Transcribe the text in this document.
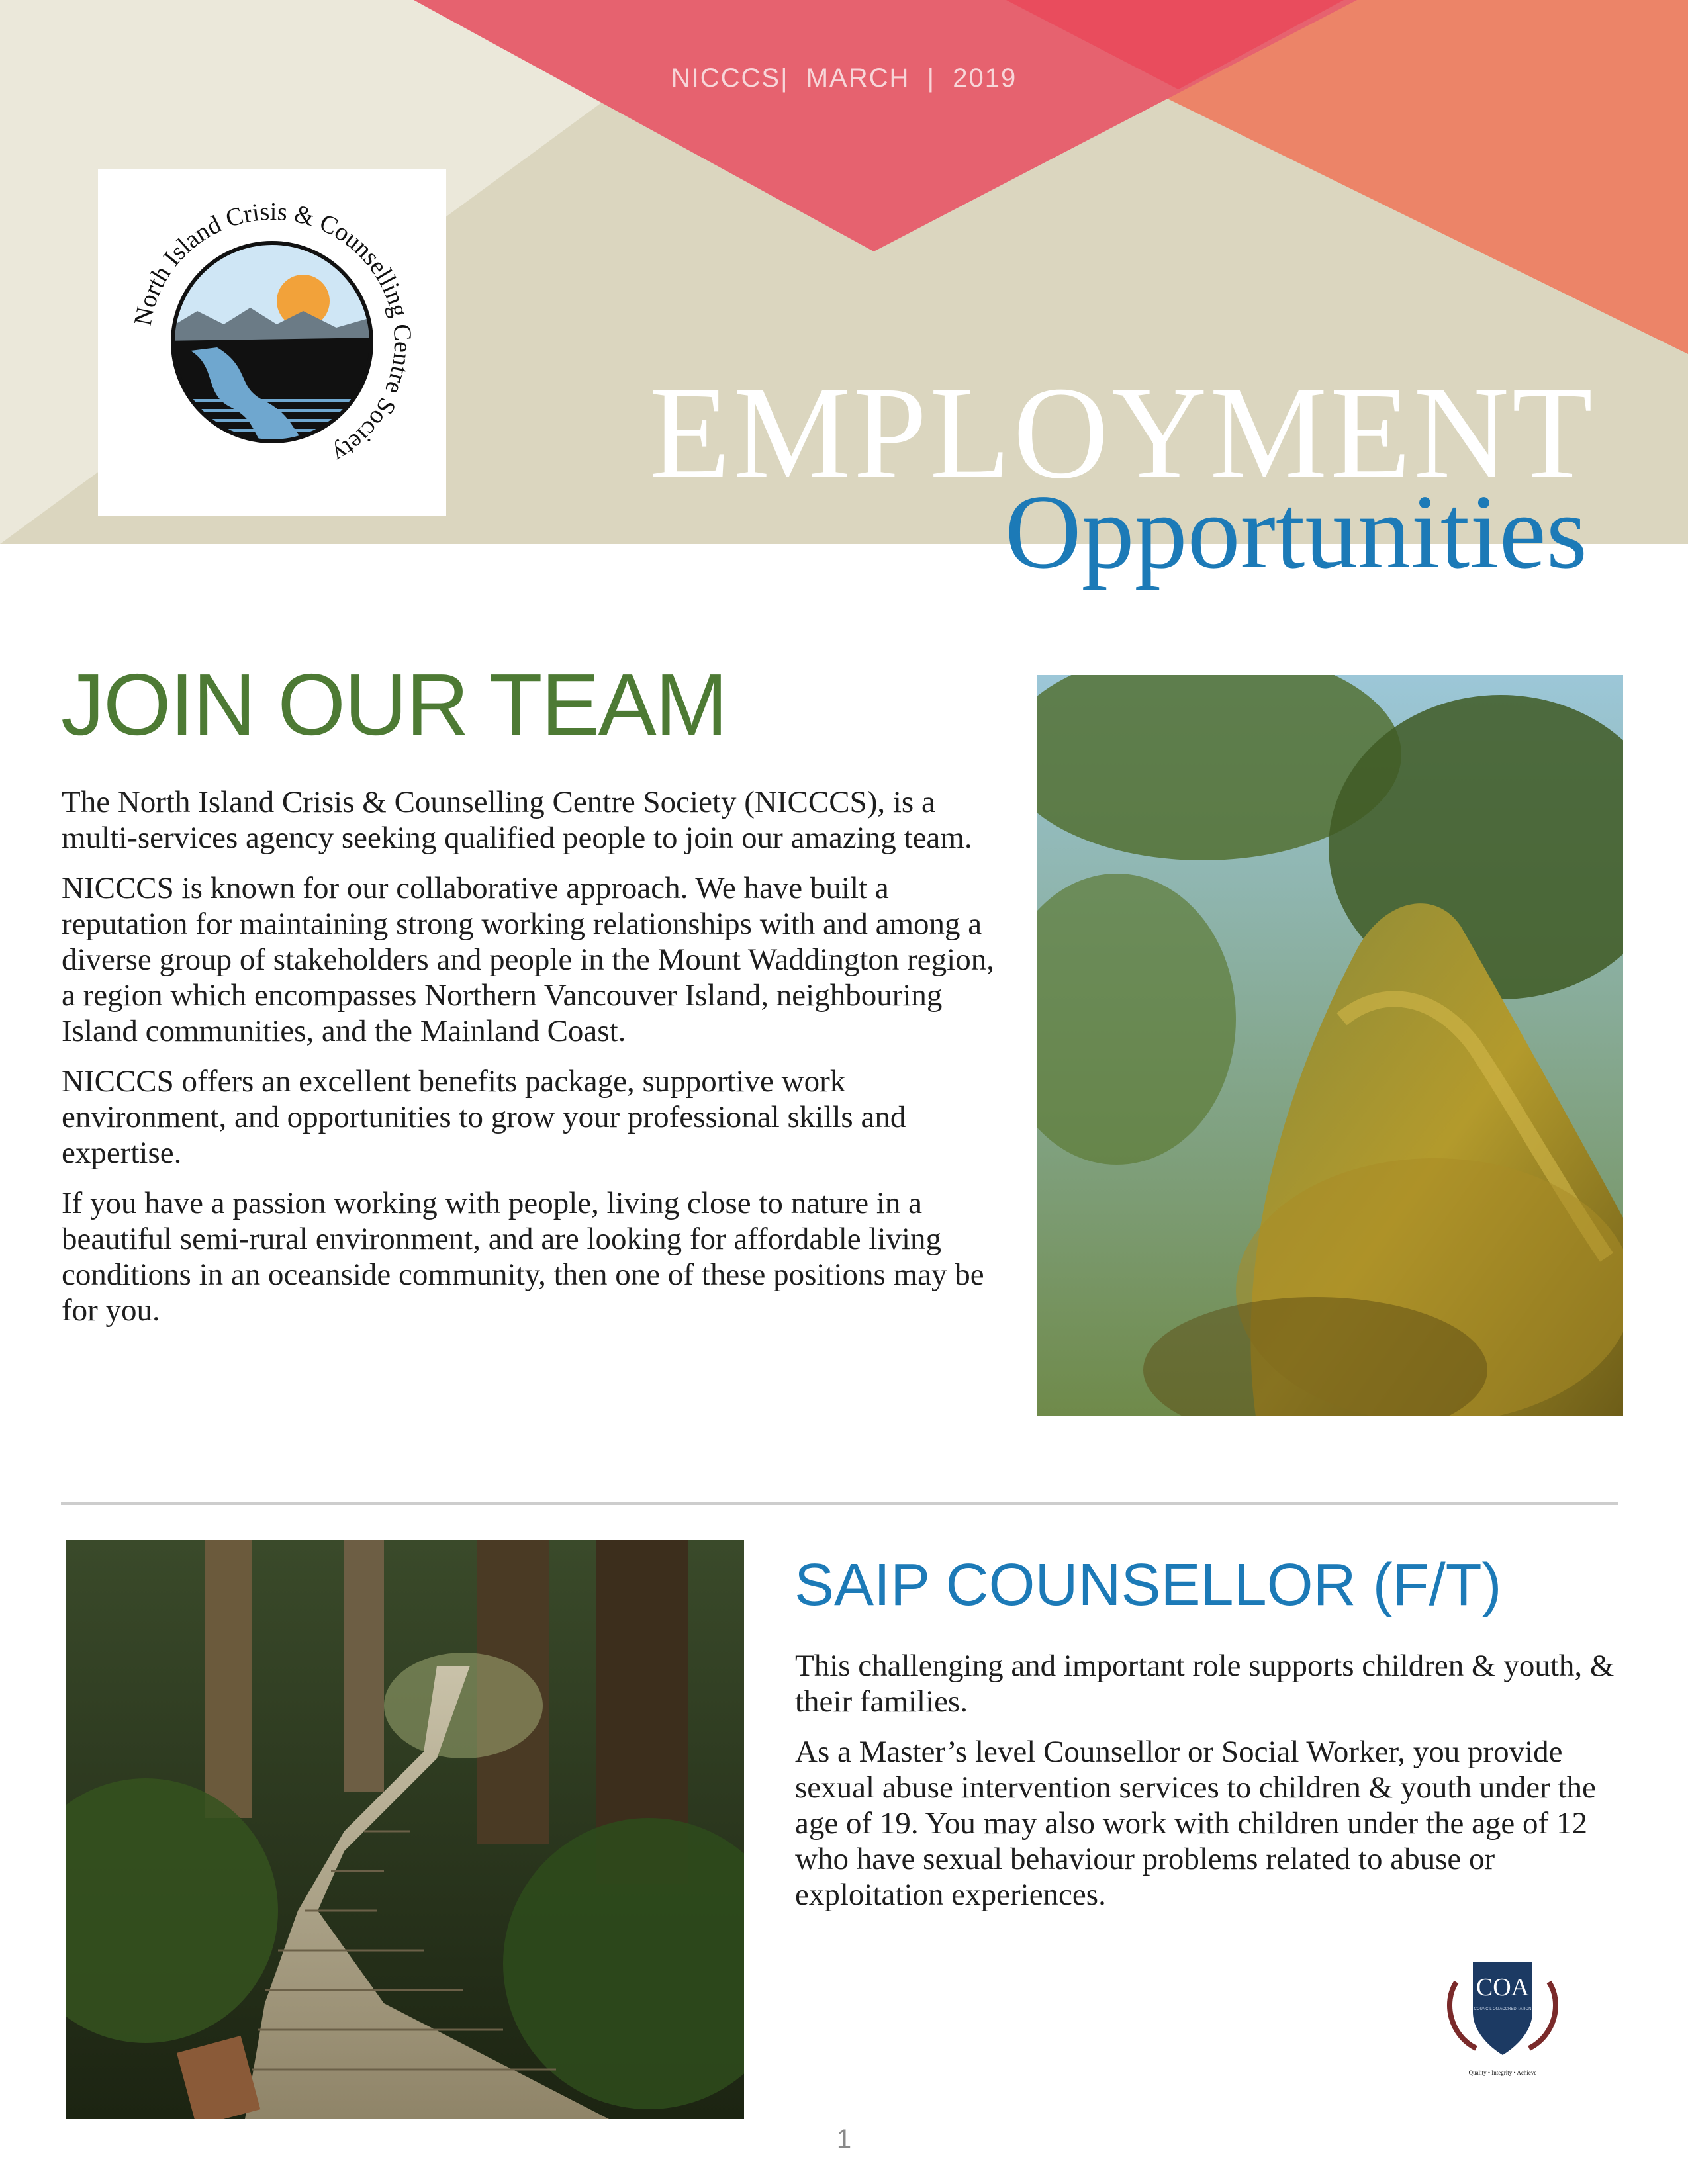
NICCCS|  MARCH  |  2019
North Island Crisis & Counselling Centre Society	EMPLOYMENT
Opportunities
JOIN OUR TEAM

The North Island Crisis & Counselling Centre Society (NICCCS), is a multi-services agency seeking qualified people to join our amazing team.

NICCCS is known for our collaborative approach. We have built a reputation for maintaining strong working relationships with and among a diverse group of stakeholders and people in the Mount Waddington region, a region which encompasses Northern Vancouver Island, neighbouring Island communities, and the Mainland Coast.

NICCCS offers an excellent benefits package, supportive work environment, and opportunities to grow your professional skills and expertise.

If you have a passion working with people, living close to nature in a beautiful semi-rural environment, and are looking for affordable living conditions in an oceanside community, then one of these positions may be for you.

SAIP COUNSELLOR (F/T)

This challenging and important role supports children & youth, & their families.

As a Master’s level Counsellor or Social Worker, you provide sexual abuse intervention services to children & youth under the age of 19. You may also work with children under the age of 12 who have sexual behaviour problems related to abuse or exploitation experiences.

COA
COUNCIL ON ACCREDITATION
Quality • Integrity • Achieve
1
